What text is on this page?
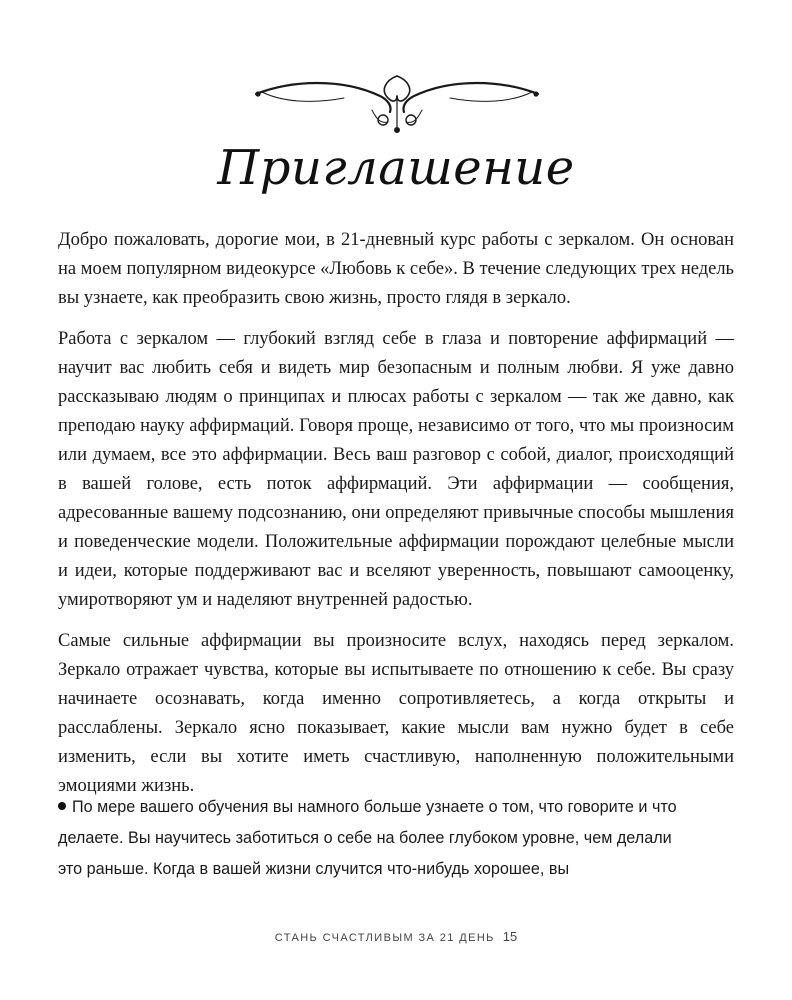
Приглашение

Добро пожаловать, дорогие мои, в 21-дневный курс работы с зеркалом. Он основан на моем популярном видеокурсе «Любовь к себе». В течение следующих трех недель вы узнаете, как преобразить свою жизнь, просто глядя в зеркало.

Работа с зеркалом — глубокий взгляд себе в глаза и повторение аффирмаций — научит вас любить себя и видеть мир безопасным и полным любви. Я уже давно рассказываю людям о принципах и плюсах работы с зеркалом — так же давно, как преподаю науку аффирмаций. Говоря проще, независимо от того, что мы произносим или думаем, все это аффирмации. Весь ваш разговор с собой, диалог, происходящий в вашей голове, есть поток аффирмаций. Эти аффирмации — сообщения, адресованные вашему подсознанию, они определяют привычные способы мышления и поведенческие модели. Положительные аффирмации порождают целебные мысли и идеи, которые поддерживают вас и вселяют уверенность, повышают самооценку, умиротворяют ум и наделяют внутренней радостью.

Самые сильные аффирмации вы произносите вслух, находясь перед зеркалом. Зеркало отражает чувства, которые вы испытываете по отношению к себе. Вы сразу начинаете осознавать, когда именно сопротивляетесь, а когда открыты и расслаблены. Зеркало ясно показывает, какие мысли вам нужно будет в себе изменить, если вы хотите иметь счастливую, наполненную положительными эмоциями жизнь.

По мере вашего обучения вы намного больше узнаете о том, что говорите и что делаете. Вы научитесь заботиться о себе на более глубоком уровне, чем делали это раньше. Когда в вашей жизни случится что-нибудь хорошее, вы

СТАНЬ СЧАСТЛИВЫМ ЗА 21 ДЕНЬ 15
